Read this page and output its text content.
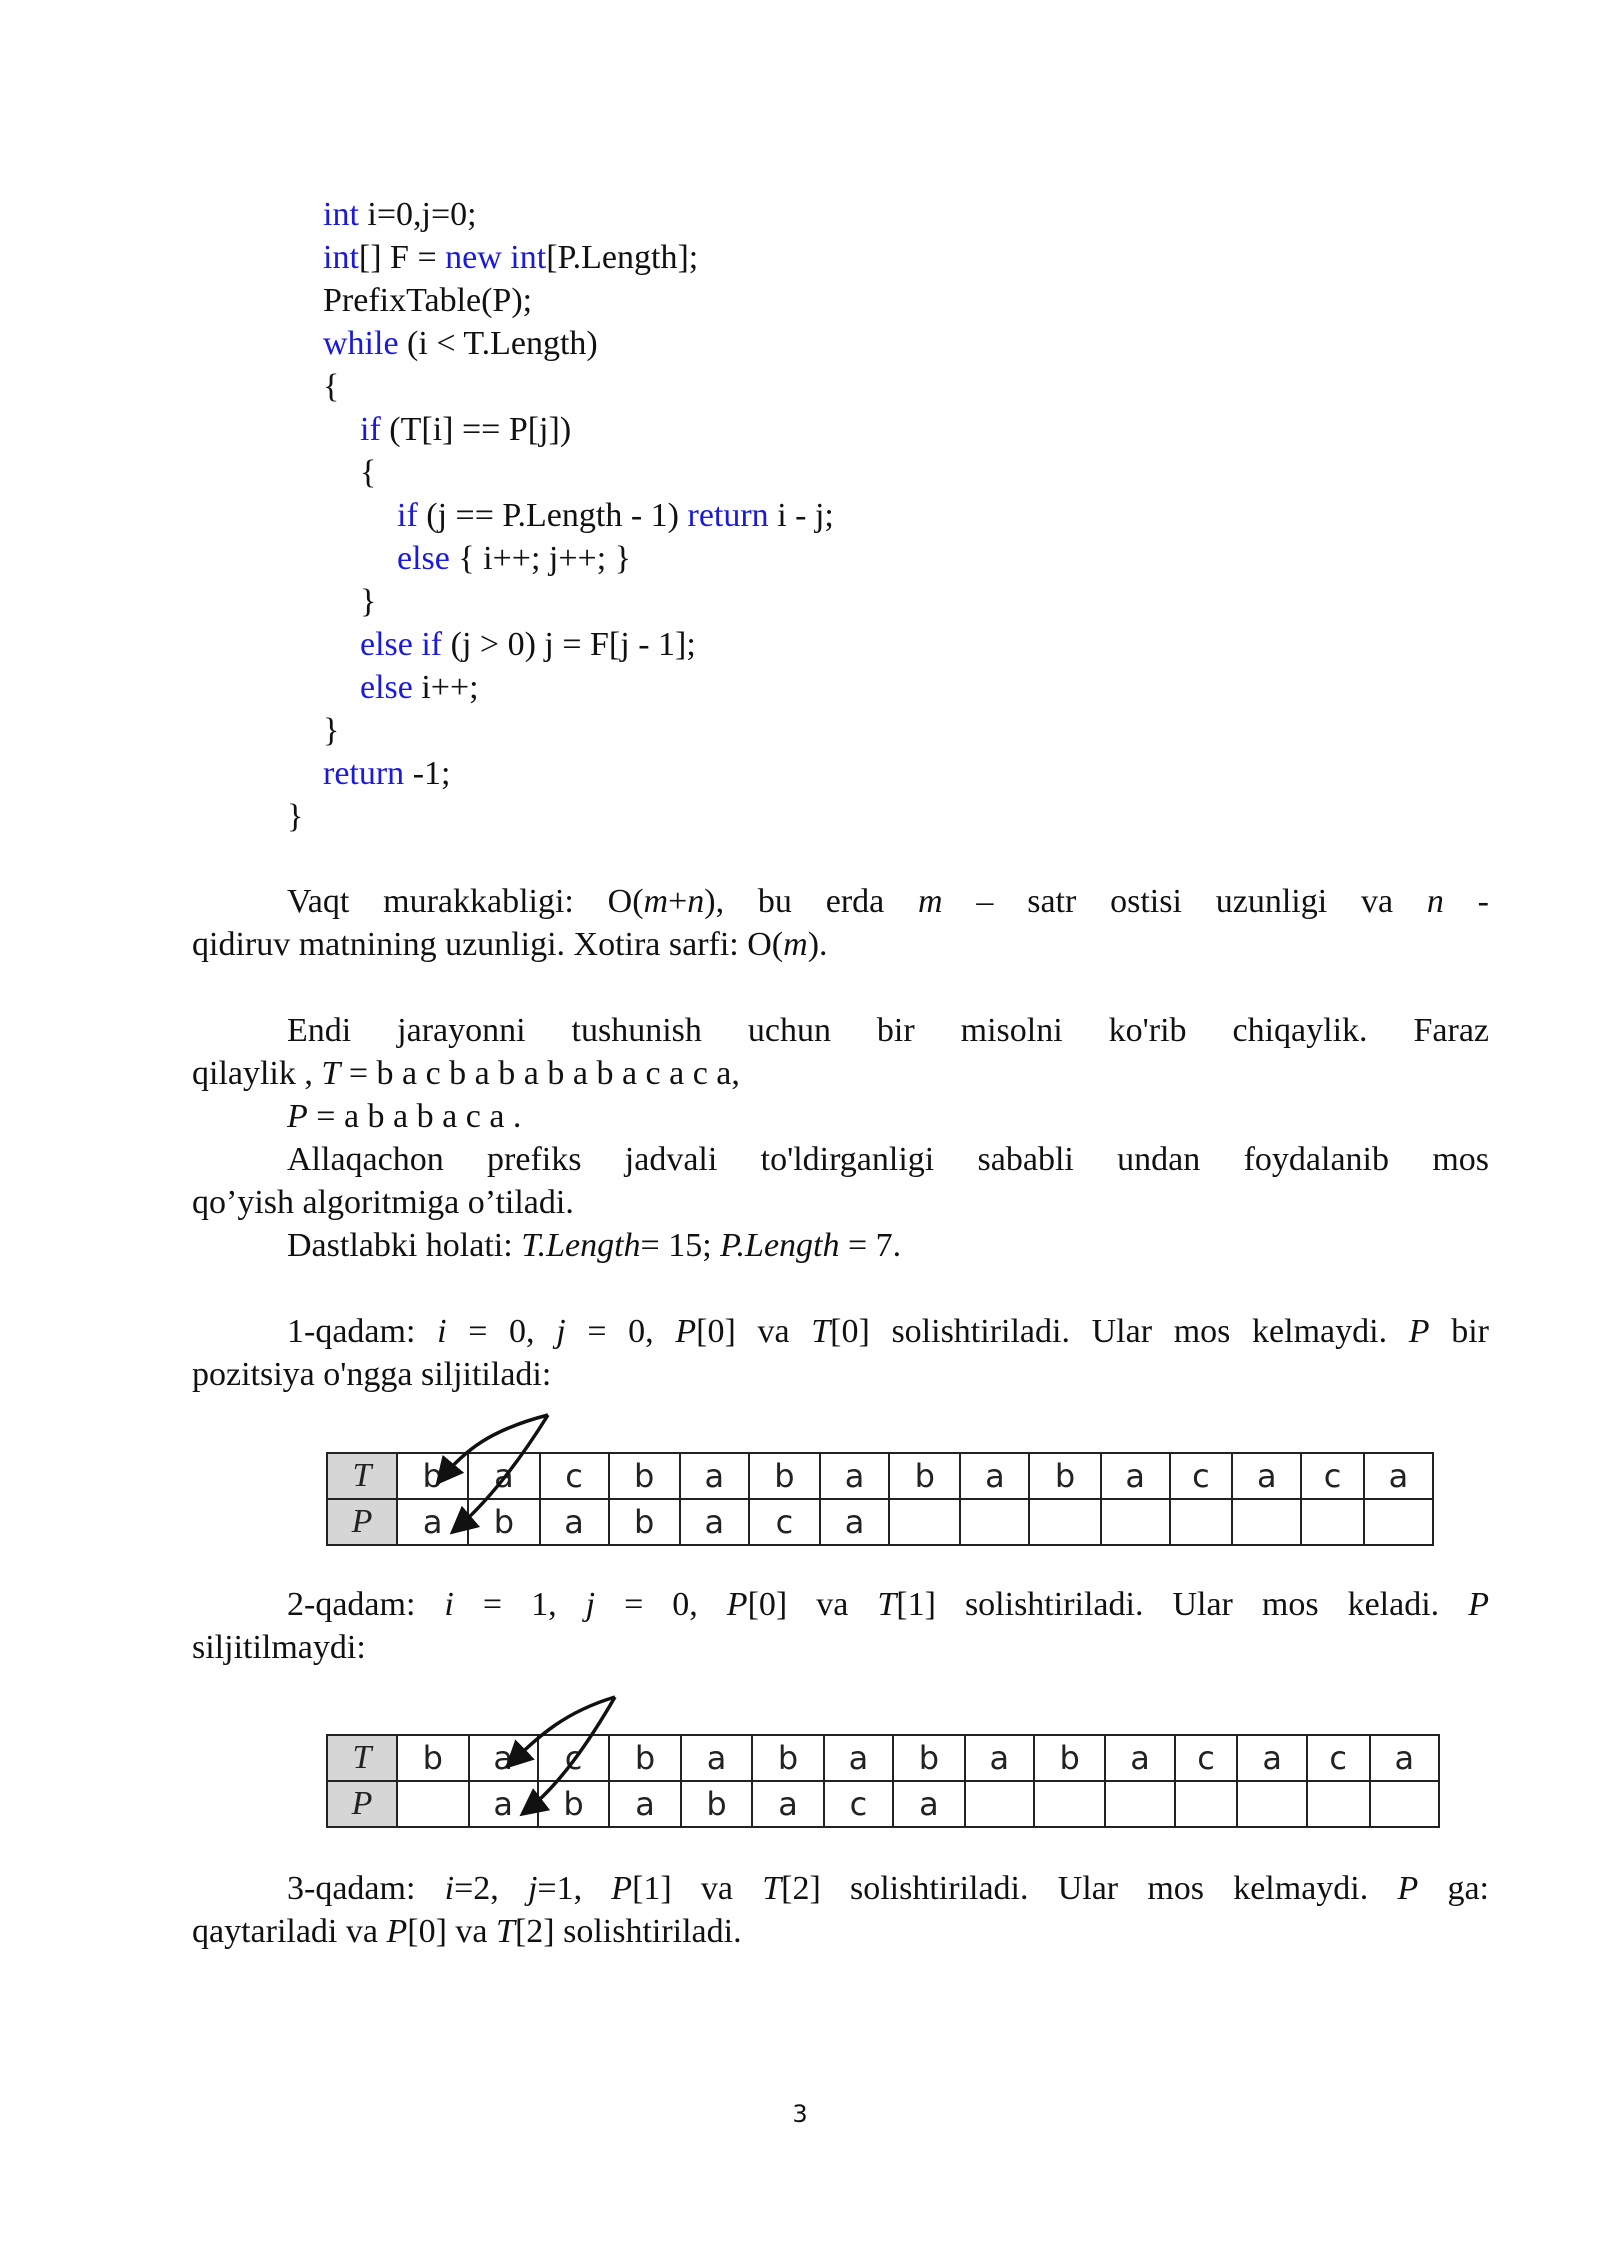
int i=0,j=0;
int[] F = new int[P.Length];
PrefixTable(P);
while (i < T.Length)
{
if (T[i] == P[j])
{
if (j == P.Length - 1) return i - j;
else { i++; j++; }
}
else if (j > 0) j = F[j - 1];
else i++;
}
return -1;
}
Vaqt murakkabligi: O(m+n), bu erda m – satr ostisi uzunligi va n -
qidiruv matnining uzunligi. Xotira sarfi: O(m).
Endi jarayonni tushunish uchun bir misolni ko'rib chiqaylik. Faraz
qilaylik , T = b a c b a b a b a b a c a c a,
P = a b a b a c a .
Allaqachon prefiks jadvali to'ldirganligi sababli undan foydalanib mos
qo’yish algoritmiga o’tiladi.
Dastlabki holati: T.Length= 15; P.Length = 7.
1-qadam: i = 0, j = 0, P[0] va T[0] solishtiriladi. Ular mos kelmaydi. P bir
pozitsiya o'ngga siljitiladi:
T	b	a	c	b	a	b	a	b	a	b	a	c	a	c	a
P	a	b	a	b	a	c	a								
2-qadam: i = 1, j = 0, P[0] va T[1] solishtiriladi. Ular mos keladi. P
siljitilmaydi:
T	b	a	c	b	a	b	a	b	a	b	a	c	a	c	a
P		a	b	a	b	a	c	a							
3-qadam: i=2, j=1, P[1] va T[2] solishtiriladi. Ular mos kelmaydi. P ga:
qaytariladi va P[0] va T[2] solishtiriladi.
3
